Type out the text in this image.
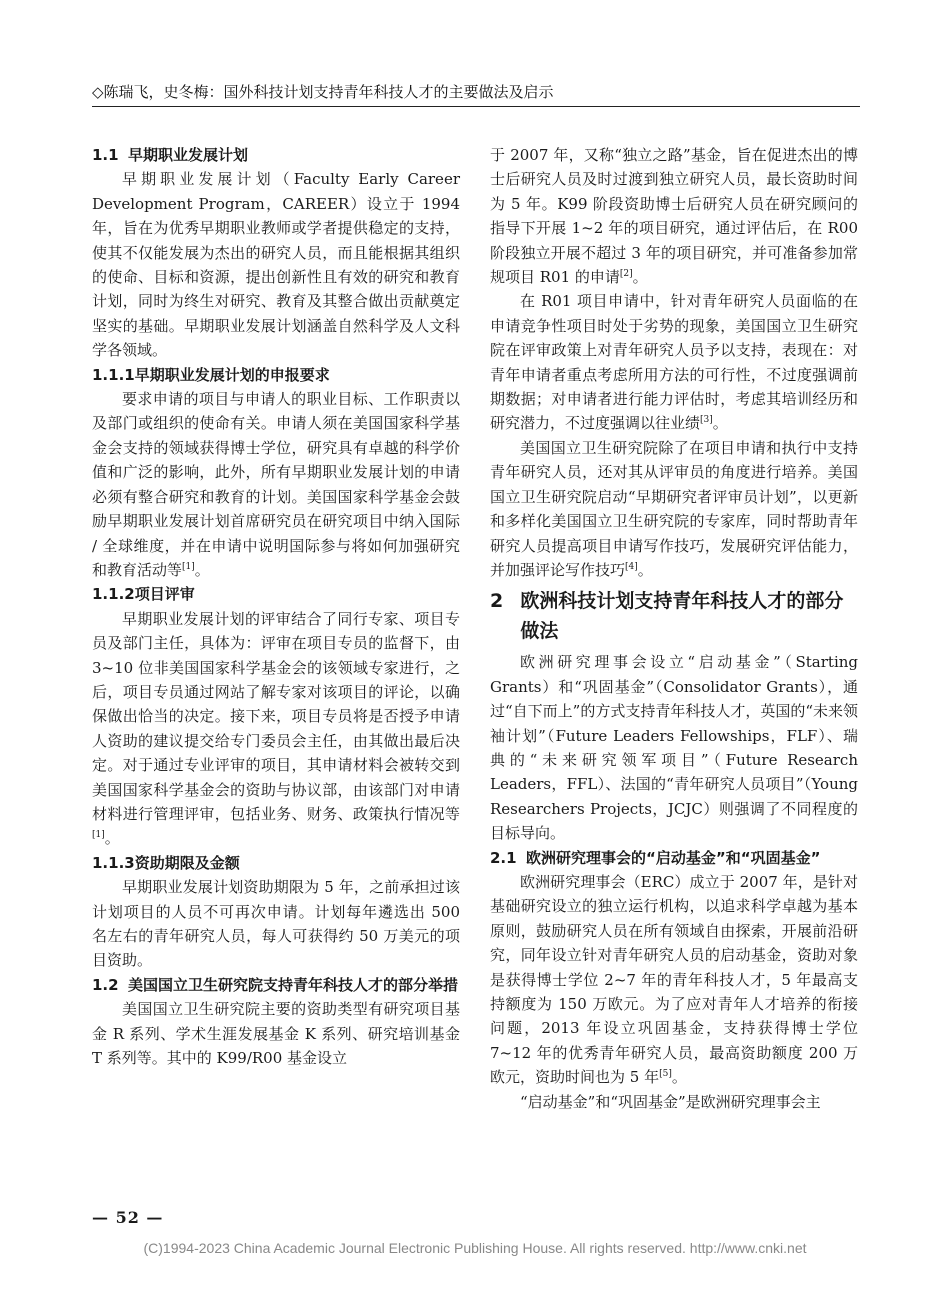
◇陈瑞飞，史冬梅：国外科技计划支持青年科技人才的主要做法及启示

1.1 早期职业发展计划

早期职业发展计划（Faculty Early Career Development Program，CAREER）设立于 1994 年，旨在为优秀早期职业教师或学者提供稳定的支持，使其不仅能发展为杰出的研究人员，而且能根据其组织的使命、目标和资源，提出创新性且有效的研究和教育计划，同时为终生对研究、教育及其整合做出贡献奠定坚实的基础。早期职业发展计划涵盖自然科学及人文科学各领域。

1.1.1早期职业发展计划的申报要求

要求申请的项目与申请人的职业目标、工作职责以及部门或组织的使命有关。申请人须在美国国家科学基金会支持的领域获得博士学位，研究具有卓越的科学价值和广泛的影响，此外，所有早期职业发展计划的申请必须有整合研究和教育的计划。美国国家科学基金会鼓励早期职业发展计划首席研究员在研究项目中纳入国际 / 全球维度，并在申请中说明国际参与将如何加强研究和教育活动等[1]。

1.1.2项目评审

早期职业发展计划的评审结合了同行专家、项目专员及部门主任，具体为：评审在项目专员的监督下，由 3~10 位非美国国家科学基金会的该领域专家进行，之后，项目专员通过网站了解专家对该项目的评论，以确保做出恰当的决定。接下来，项目专员将是否授予申请人资助的建议提交给专门委员会主任，由其做出最后决定。对于通过专业评审的项目，其申请材料会被转交到美国国家科学基金会的资助与协议部，由该部门对申请材料进行管理评审，包括业务、财务、政策执行情况等[1]。

1.1.3资助期限及金额

早期职业发展计划资助期限为 5 年，之前承担过该计划项目的人员不可再次申请。计划每年遴选出 500 名左右的青年研究人员，每人可获得约 50 万美元的项目资助。

1.2 美国国立卫生研究院支持青年科技人才的部分举措

美国国立卫生研究院主要的资助类型有研究项目基金 R 系列、学术生涯发展基金 K 系列、研究培训基金 T 系列等。其中的 K99/R00 基金设立

于 2007 年，又称“独立之路”基金，旨在促进杰出的博士后研究人员及时过渡到独立研究人员，最长资助时间为 5 年。K99 阶段资助博士后研究人员在研究顾问的指导下开展 1~2 年的项目研究，通过评估后，在 R00 阶段独立开展不超过 3 年的项目研究，并可准备参加常规项目 R01 的申请[2]。

在 R01 项目申请中，针对青年研究人员面临的在申请竞争性项目时处于劣势的现象，美国国立卫生研究院在评审政策上对青年研究人员予以支持，表现在：对青年申请者重点考虑所用方法的可行性，不过度强调前期数据；对申请者进行能力评估时，考虑其培训经历和研究潜力，不过度强调以往业绩[3]。

美国国立卫生研究院除了在项目申请和执行中支持青年研究人员，还对其从评审员的角度进行培养。美国国立卫生研究院启动“早期研究者评审员计划”，以更新和多样化美国国立卫生研究院的专家库，同时帮助青年研究人员提高项目申请写作技巧，发展研究评估能力，并加强评论写作技巧[4]。

2 欧洲科技计划支持青年科技人才的部分做法

欧洲研究理事会设立“启动基金”（Starting Grants）和“巩固基金”（Consolidator Grants），通过“自下而上”的方式支持青年科技人才，英国的“未来领袖计划”（Future Leaders Fellowships，FLF）、瑞典的“未来研究领军项目”（Future Research Leaders，FFL）、法国的“青年研究人员项目”（Young Researchers Projects，JCJC）则强调了不同程度的目标导向。

2.1 欧洲研究理事会的“启动基金”和“巩固基金”

欧洲研究理事会（ERC）成立于 2007 年，是针对基础研究设立的独立运行机构，以追求科学卓越为基本原则，鼓励研究人员在所有领域自由探索，开展前沿研究，同年设立针对青年研究人员的启动基金，资助对象是获得博士学位 2~7 年的青年科技人才，5 年最高支持额度为 150 万欧元。为了应对青年人才培养的衔接问题，2013 年设立巩固基金，支持获得博士学位 7~12 年的优秀青年研究人员，最高资助额度 200 万欧元，资助时间也为 5 年[5]。

“启动基金”和“巩固基金”是欧洲研究理事会主

— 52 —
(C)1994-2023 China Academic Journal Electronic Publishing House. All rights reserved. http://www.cnki.net
